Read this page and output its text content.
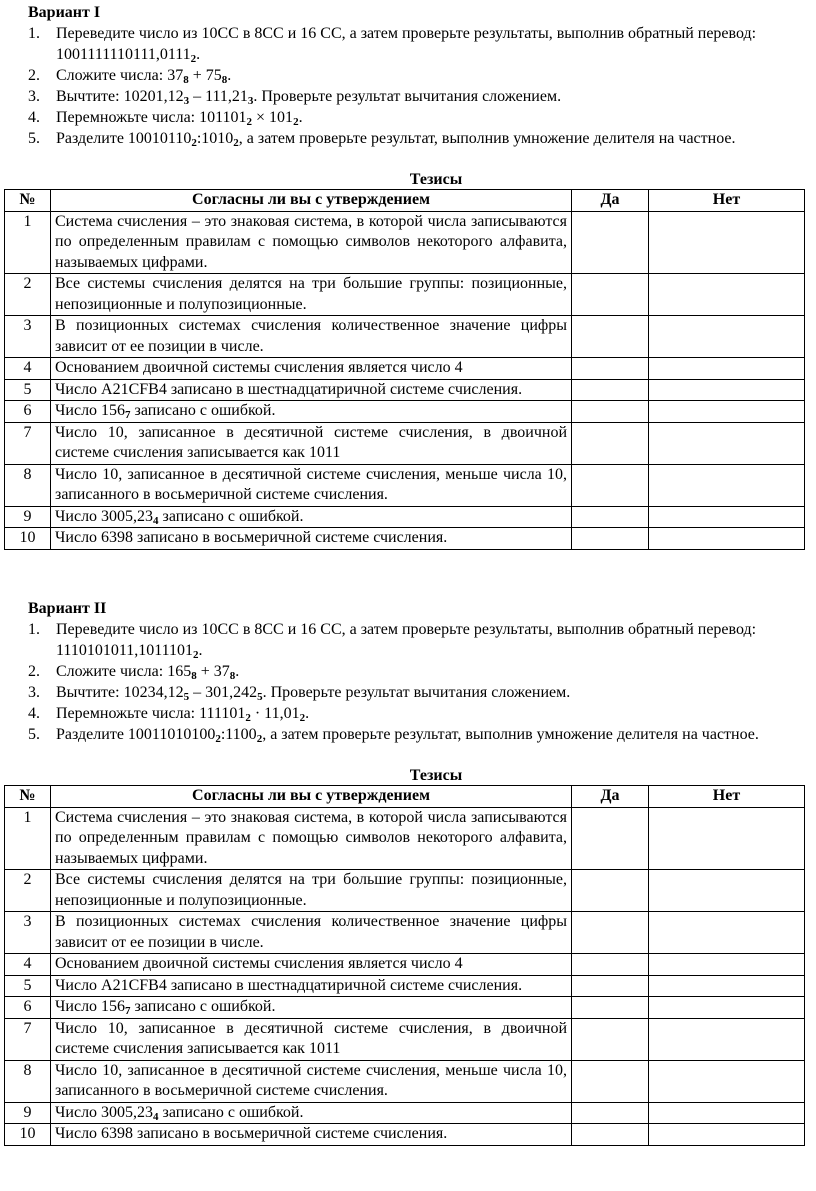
Вариант I
1. Переведите число из 10СС в 8СС и 16 СС, а затем проверьте результаты, выполнив обратный перевод: $1001111110111,0111_2$.
2. Сложите числа: $37_8 + 75_8$.
3. Вычтите: $10201,12_3 - 111,21_3$. Проверьте результат вычитания сложением.
4. Перемножьте числа: $101101_2 \times 101_2$.
5. Разделите $10010110_2:1010_2$, а затем проверьте результат, выполнив умножение делителя на частное.
Тезисы
№	Согласны ли вы с утверждением	Да	Нет
1	Система счисления – это знаковая система, в которой числа записываются по определенным правилам с помощью символов некоторого алфавита, называемых цифрами.		
2	Все системы счисления делятся на три большие группы: позиционные, непозиционные и полупозиционные.		
3	В позиционных системах счисления количественное значение цифры зависит от ее позиции в числе.		
4	Основанием двоичной системы счисления является число 4		
5	Число A21CFB4 записано в шестнадцатиричной системе счисления.		
6	Число $156_7$ записано с ошибкой.		
7	Число 10, записанное в десятичной системе счисления, в двоичной системе счисления записывается как 1011		
8	Число 10, записанное в десятичной системе счисления, меньше числа 10, записанного в восьмеричной системе счисления.		
9	Число $3005,23_4$ записано с ошибкой.		
10	Число 6398 записано в восьмеричной системе счисления.		
Вариант II
1. Переведите число из 10СС в 8СС и 16 СС, а затем проверьте результаты, выполнив обратный перевод: $1110101011,1011101_2$.
2. Сложите числа: $165_8 + 37_8$.
3. Вычтите: $10234,12_5 - 301,242_5$. Проверьте результат вычитания сложением.
4. Перемножьте числа: $111101_2 \cdot 11,01_2$.
5. Разделите $10011010100_2:1100_2$, а затем проверьте результат, выполнив умножение делителя на частное.
Тезисы
№	Согласны ли вы с утверждением	Да	Нет
1	Система счисления – это знаковая система, в которой числа записываются по определенным правилам с помощью символов некоторого алфавита, называемых цифрами.		
2	Все системы счисления делятся на три большие группы: позиционные, непозиционные и полупозиционные.		
3	В позиционных системах счисления количественное значение цифры зависит от ее позиции в числе.		
4	Основанием двоичной системы счисления является число 4		
5	Число A21CFB4 записано в шестнадцатиричной системе счисления.		
6	Число $156_7$ записано с ошибкой.		
7	Число 10, записанное в десятичной системе счисления, в двоичной системе счисления записывается как 1011		
8	Число 10, записанное в десятичной системе счисления, меньше числа 10, записанного в восьмеричной системе счисления.		
9	Число $3005,23_4$ записано с ошибкой.		
10	Число 6398 записано в восьмеричной системе счисления.		
